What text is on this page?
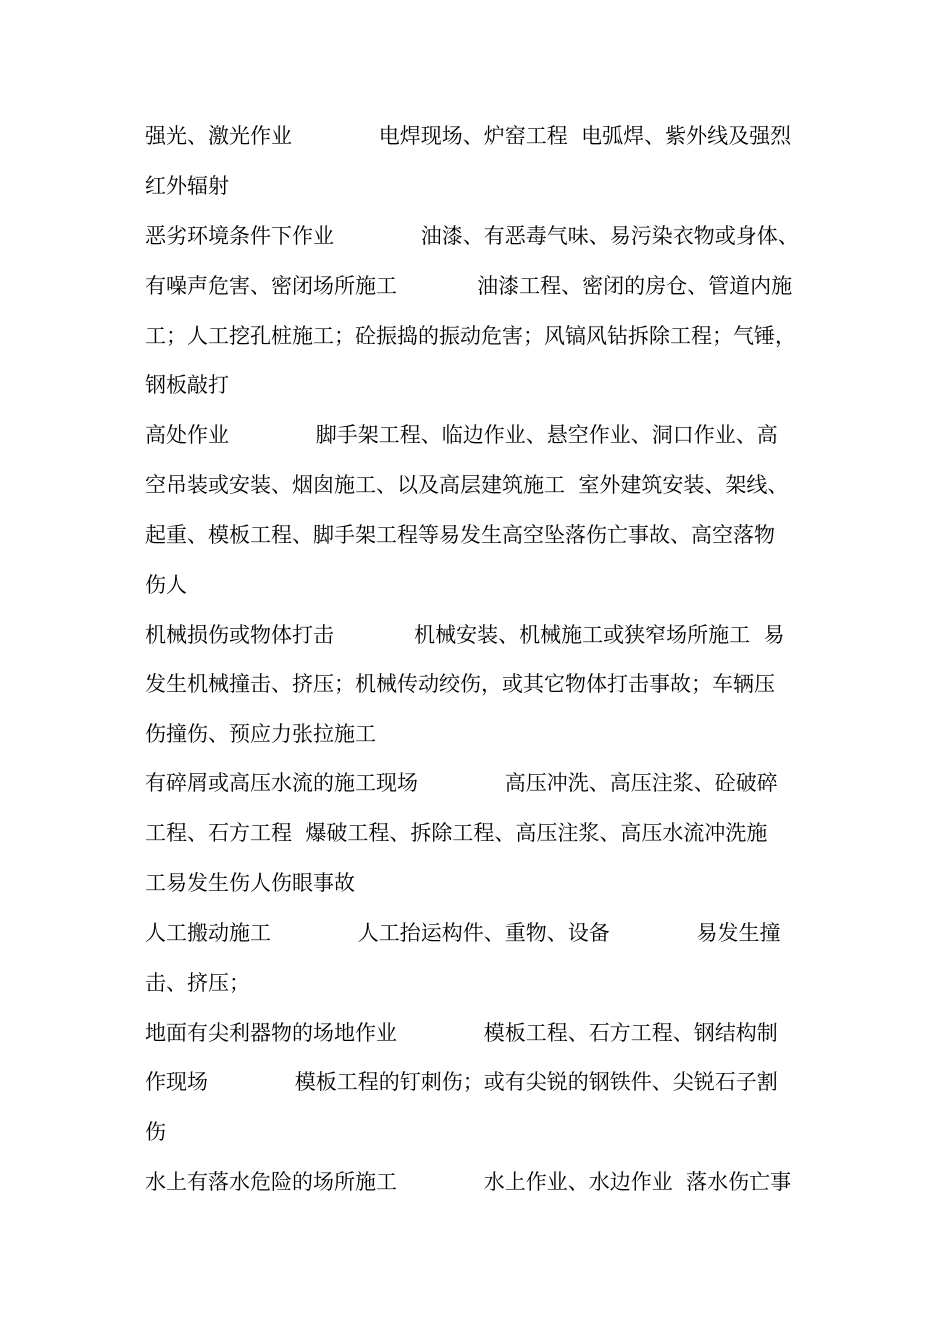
强光、激光作业             电焊现场、炉窑工程  电弧焊、紫外线及强烈
红外辐射
恶劣环境条件下作业             油漆、有恶毒气味、易污染衣物或身体、
有噪声危害、密闭场所施工            油漆工程、密闭的房仓、管道内施
工；人工挖孔桩施工；砼振捣的振动危害；风镐风钻拆除工程；气锤，
钢板敲打
高处作业             脚手架工程、临边作业、悬空作业、洞口作业、高
空吊装或安装、烟囱施工、以及高层建筑施工  室外建筑安装、架线、
起重、模板工程、脚手架工程等易发生高空坠落伤亡事故、高空落物
伤人
机械损伤或物体打击            机械安装、机械施工或狭窄场所施工  易
发生机械撞击、挤压；机械传动绞伤，或其它物体打击事故；车辆压
伤撞伤、预应力张拉施工
有碎屑或高压水流的施工现场             高压冲洗、高压注浆、砼破碎
工程、石方工程  爆破工程、拆除工程、高压注浆、高压水流冲洗施
工易发生伤人伤眼事故
人工搬动施工             人工抬运构件、重物、设备             易发生撞
击、挤压；
地面有尖利器物的场地作业             模板工程、石方工程、钢结构制
作现场             模板工程的钉刺伤；或有尖锐的钢铁件、尖锐石子割
伤
水上有落水危险的场所施工             水上作业、水边作业  落水伤亡事
